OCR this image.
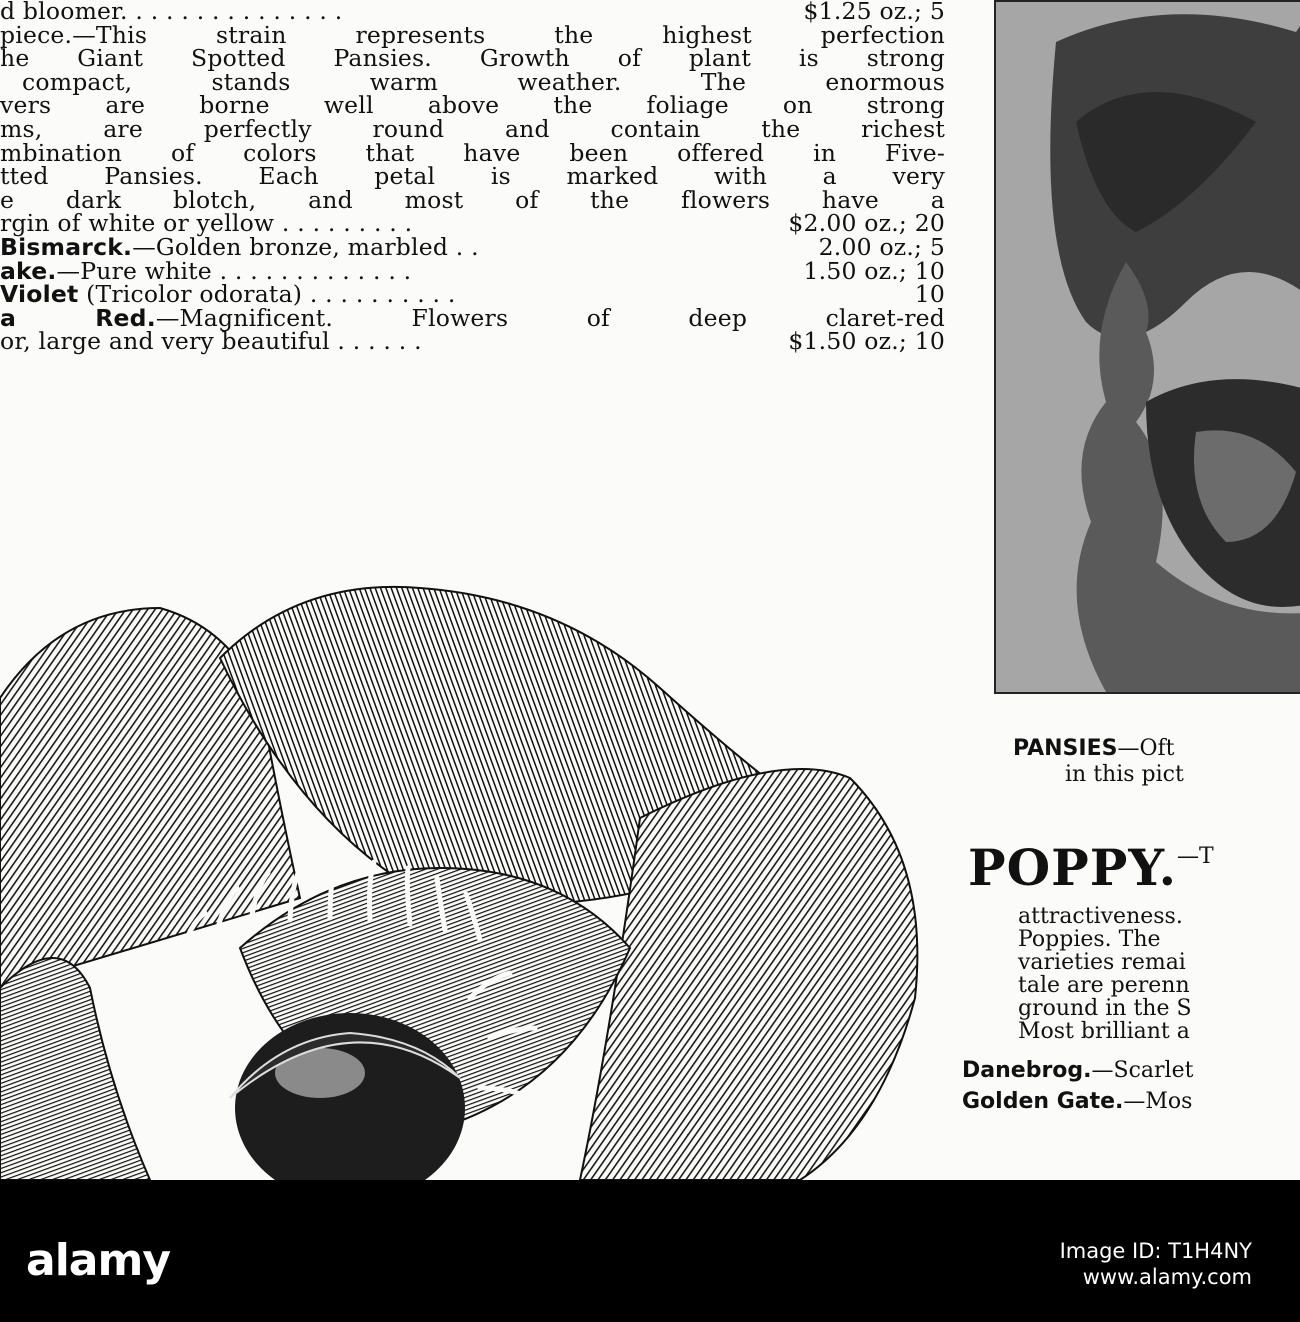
d bloomer. . . . . . . . . . . . . . .	$1.25 oz.; 5
piece.—This strain represents the highest perfection
he Giant Spotted Pansies. Growth of plant is strong
compact, stands warm weather. The enormous
vers are borne well above the foliage on strong
ms, are perfectly round and contain the richest
mbination of colors that have been offered in Five-
tted Pansies. Each petal is marked with a very
e dark blotch, and most of the flowers have a
rgin of white or yellow . . . . . . . . .	$2.00 oz.; 20
Bismarck.—Golden bronze, marbled . .	2.00 oz.; 5
ake.—Pure white . . . . . . . . . . . . .	1.50 oz.; 10
Violet (Tricolor odorata) . . . . . . . . . .	10
a Red.—Magnificent. Flowers of deep claret-red
or, large and very beautiful . . . . . .	$1.50 oz.; 10
PANSIES—Oft
in this pict
POPPY.—T
attractiveness.
Poppies. The
varieties remai
tale are perenn
ground in the S
Most brilliant a
Danebrog.—Scarlet
Golden Gate.—Mos
alamy	Image ID: T1H4NY
www.alamy.com
